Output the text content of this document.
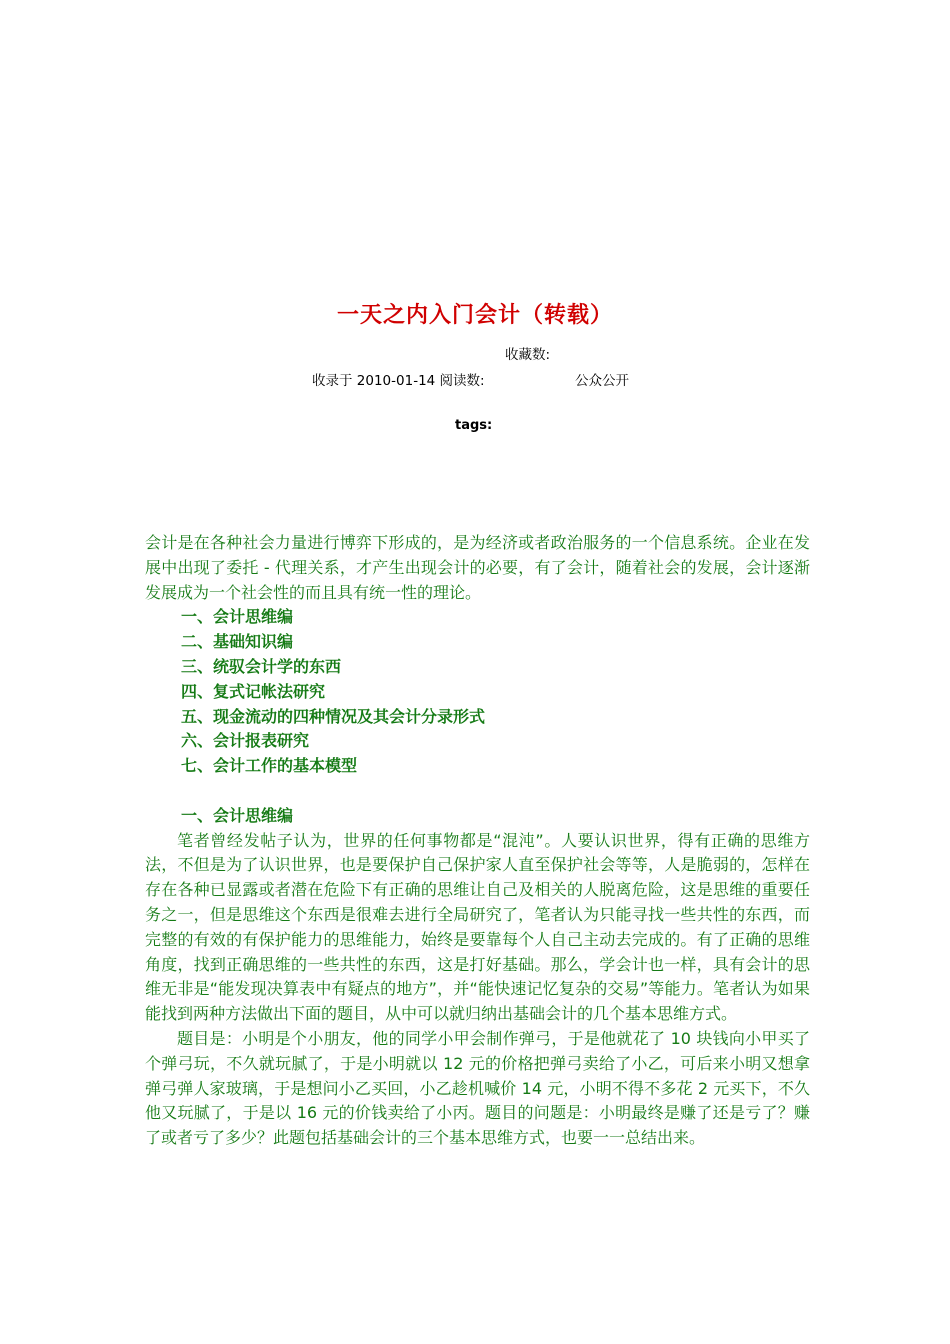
一天之内入门会计（转载）
收藏数:
收录于 2010-01-14 阅读数:	公众公开
tags:

会计是在各种社会力量进行博弈下形成的，是为经济或者政治服务的一个信息系统。企业在发展中出现了委托 - 代理关系，才产生出现会计的必要，有了会计，随着社会的发展，会计逐渐发展成为一个社会性的而且具有统一性的理论。

一、会计思维编
二、基础知识编
三、统驭会计学的东西
四、复式记帐法研究
五、现金流动的四种情况及其会计分录形式
六、会计报表研究
七、会计工作的基本模型
一、会计思维编

笔者曾经发帖子认为，世界的任何事物都是“混沌”。人要认识世界，得有正确的思维方法，不但是为了认识世界，也是要保护自己保护家人直至保护社会等等，人是脆弱的，怎样在存在各种已显露或者潜在危险下有正确的思维让自己及相关的人脱离危险，这是思维的重要任务之一，但是思维这个东西是很难去进行全局研究了，笔者认为只能寻找一些共性的东西，而完整的有效的有保护能力的思维能力，始终是要靠每个人自己主动去完成的。有了正确的思维角度，找到正确思维的一些共性的东西，这是打好基础。那么，学会计也一样，具有会计的思维无非是“能发现决算表中有疑点的地方”，并“能快速记忆复杂的交易”等能力。笔者认为如果能找到两种方法做出下面的题目，从中可以就归纳出基础会计的几个基本思维方式。

题目是：小明是个小朋友，他的同学小甲会制作弹弓，于是他就花了 10 块钱向小甲买了个弹弓玩，不久就玩腻了，于是小明就以 12 元的价格把弹弓卖给了小乙，可后来小明又想拿弹弓弹人家玻璃，于是想问小乙买回，小乙趁机喊价 14 元，小明不得不多花 2 元买下，不久他又玩腻了，于是以 16 元的价钱卖给了小丙。题目的问题是：小明最终是赚了还是亏了？赚了或者亏了多少？此题包括基础会计的三个基本思维方式，也要一一总结出来。
